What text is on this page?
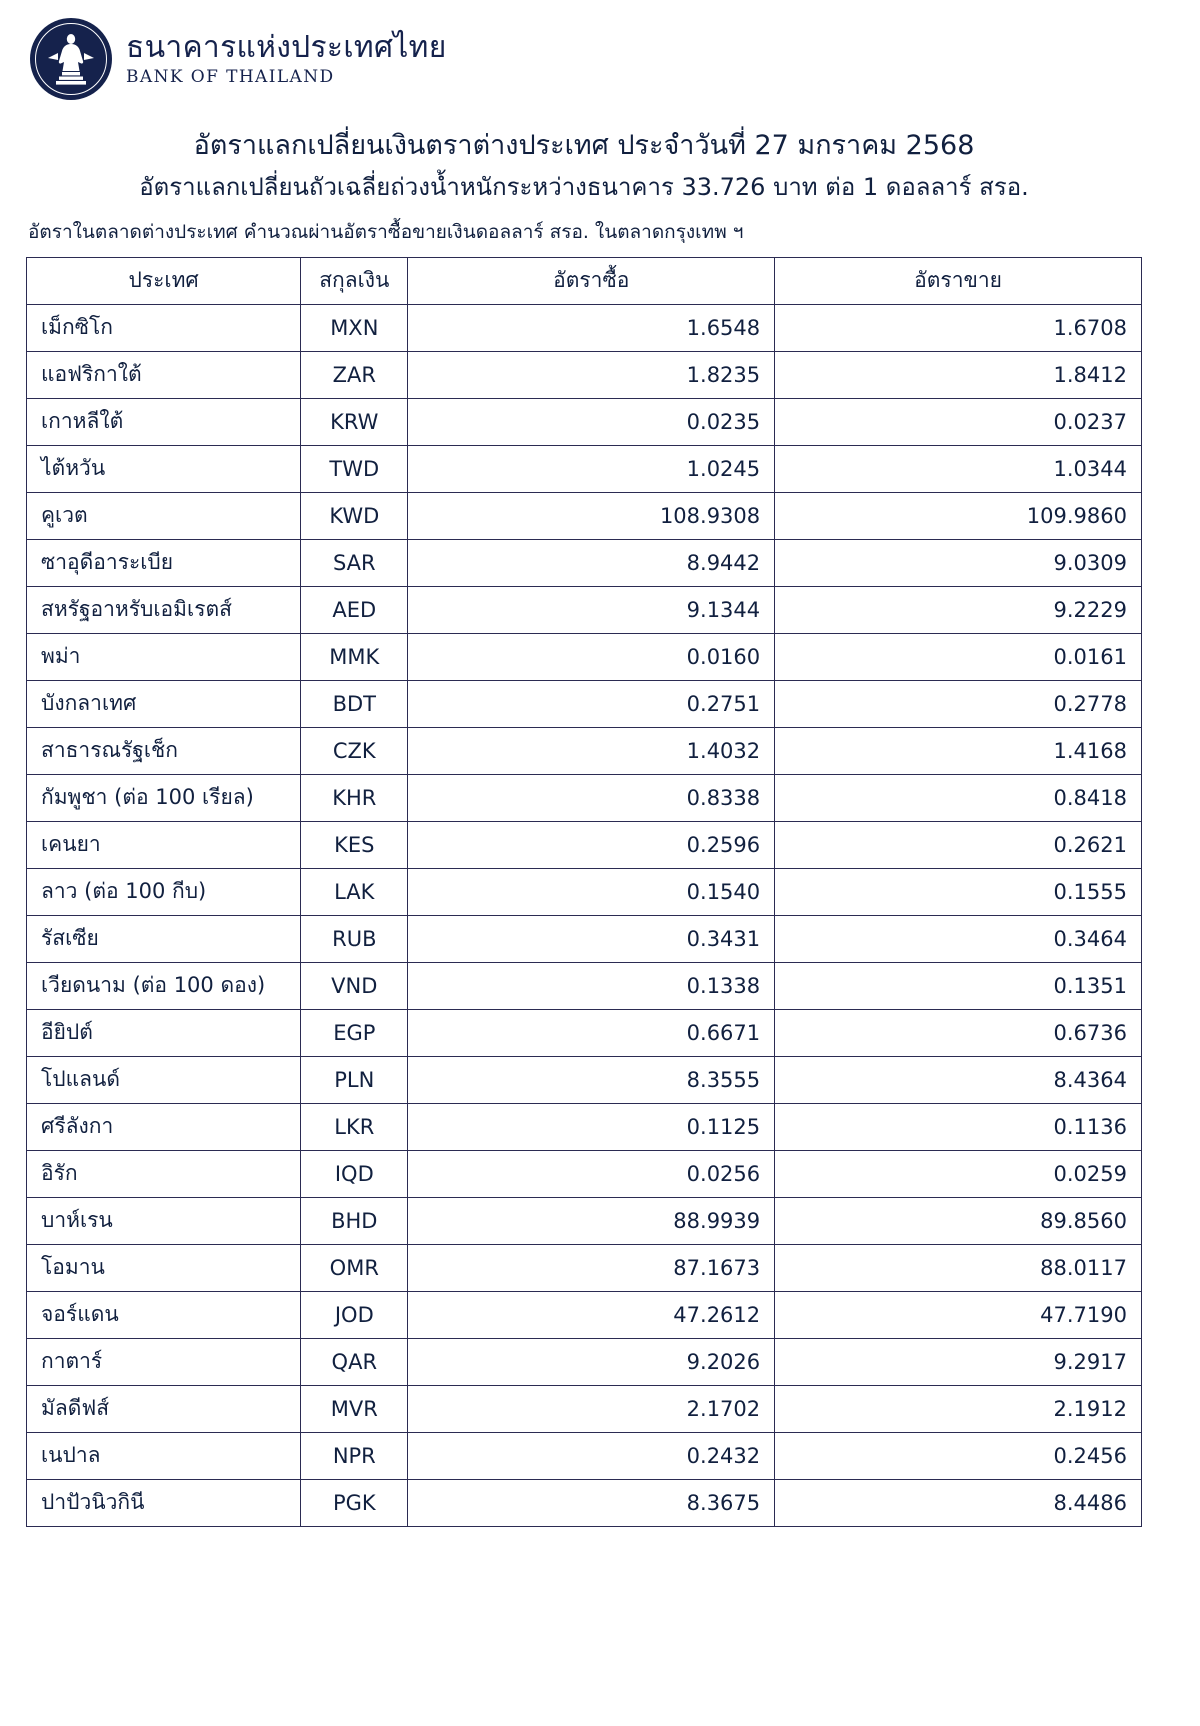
ธนาคารแห่งประเทศไทย
BANK OF THAILAND
อัตราแลกเปลี่ยนเงินตราต่างประเทศ ประจำวันที่ 27 มกราคม 2568
อัตราแลกเปลี่ยนถัวเฉลี่ยถ่วงน้ำหนักระหว่างธนาคาร 33.726 บาท ต่อ 1 ดอลลาร์ สรอ.
อัตราในตลาดต่างประเทศ คำนวณผ่านอัตราซื้อขายเงินดอลลาร์ สรอ. ในตลาดกรุงเทพ ฯ
ประเทศ	สกุลเงิน	อัตราซื้อ	อัตราขาย
เม็กซิโก	MXN	1.6548	1.6708
แอฟริกาใต้	ZAR	1.8235	1.8412
เกาหลีใต้	KRW	0.0235	0.0237
ไต้หวัน	TWD	1.0245	1.0344
คูเวต	KWD	108.9308	109.9860
ซาอุดีอาระเบีย	SAR	8.9442	9.0309
สหรัฐอาหรับเอมิเรตส์	AED	9.1344	9.2229
พม่า	MMK	0.0160	0.0161
บังกลาเทศ	BDT	0.2751	0.2778
สาธารณรัฐเช็ก	CZK	1.4032	1.4168
กัมพูชา (ต่อ 100 เรียล)	KHR	0.8338	0.8418
เคนยา	KES	0.2596	0.2621
ลาว (ต่อ 100 กีบ)	LAK	0.1540	0.1555
รัสเซีย	RUB	0.3431	0.3464
เวียดนาม (ต่อ 100 ดอง)	VND	0.1338	0.1351
อียิปต์	EGP	0.6671	0.6736
โปแลนด์	PLN	8.3555	8.4364
ศรีลังกา	LKR	0.1125	0.1136
อิรัก	IQD	0.0256	0.0259
บาห์เรน	BHD	88.9939	89.8560
โอมาน	OMR	87.1673	88.0117
จอร์แดน	JOD	47.2612	47.7190
กาตาร์	QAR	9.2026	9.2917
มัลดีฟส์	MVR	2.1702	2.1912
เนปาล	NPR	0.2432	0.2456
ปาปัวนิวกินี	PGK	8.3675	8.4486
